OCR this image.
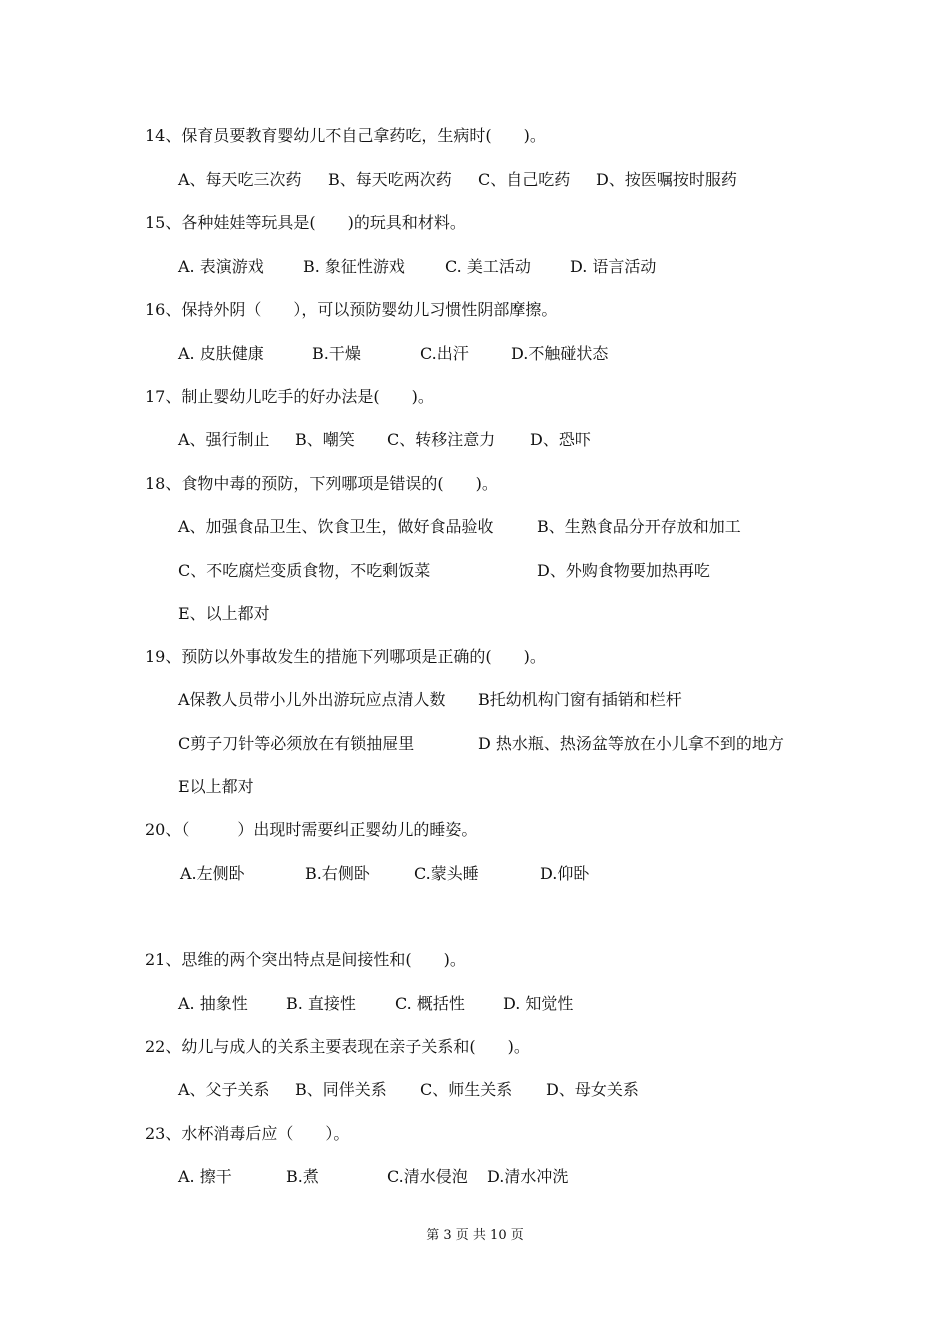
14、保育员要教育婴幼儿不自己拿药吃，生病时(　　)。
A、每天吃三次药 B、每天吃两次药 C、自己吃药 D、按医嘱按时服药
15、各种娃娃等玩具是(　　)的玩具和材料。
A. 表演游戏 B. 象征性游戏	C. 美工活动 D. 语言活动
16、保持外阴（　　），可以预防婴幼儿习惯性阴部摩擦。
A. 皮肤健康	B.干燥	C.出汗	D.不触碰状态
17、制止婴幼儿吃手的好办法是(　　)。
A、强行制止 B、嘲笑 C、转移注意力 D、恐吓
18、食物中毒的预防，下列哪项是错误的(　　)。
A、加强食品卫生、饮食卫生，做好食品验收	B、生熟食品分开存放和加工
C、不吃腐烂变质食物，不吃剩饭菜	D、外购食物要加热再吃
E、以上都对
19、预防以外事故发生的措施下列哪项是正确的(　　)。
A保教人员带小儿外出游玩应点清人数 B托幼机构门窗有插销和栏杆
C剪子刀针等必须放在有锁抽屉里	D 热水瓶、热汤盆等放在小儿拿不到的地方
E以上都对
20、（　　　）出现时需要纠正婴幼儿的睡姿。
A.左侧卧	B.右侧卧	C.蒙头睡	D.仰卧
21、思维的两个突出特点是间接性和(　　)。
A. 抽象性 B. 直接性 C. 概括性 D. 知觉性
22、幼儿与成人的关系主要表现在亲子关系和(　　)。
A、父子关系 B、同伴关系 C、师生关系 D、母女关系
23、水杯消毒后应（　　）。
A. 擦干	B.煮	C.清水侵泡 D.清水冲洗
第 3 页 共 10 页
